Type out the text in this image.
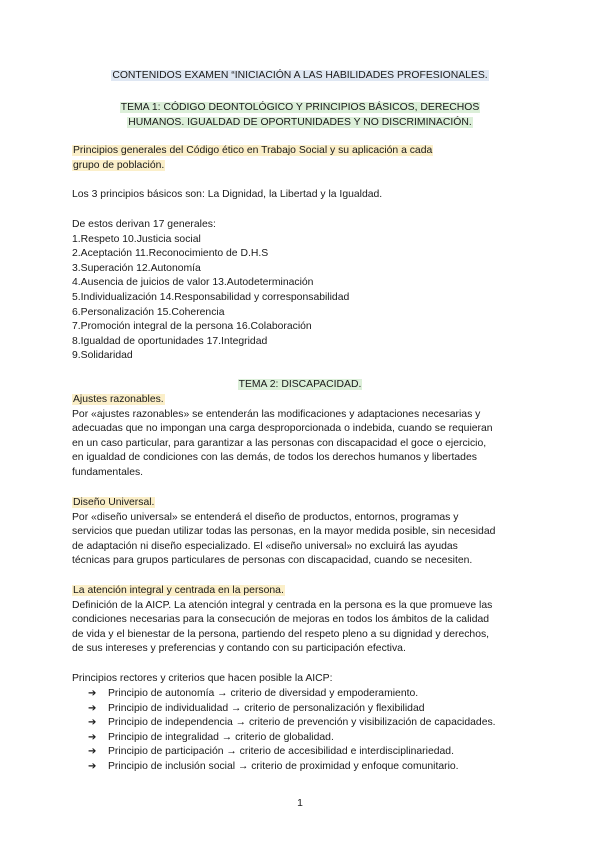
CONTENIDOS EXAMEN “INICIACIÓN A LAS HABILIDADES PROFESIONALES.
TEMA 1: CÓDIGO DEONTOLÓGICO Y PRINCIPIOS BÁSICOS, DERECHOS
HUMANOS. IGUALDAD DE OPORTUNIDADES Y NO DISCRIMINACIÓN.
Principios generales del Código ético en Trabajo Social y su aplicación a cada
grupo de población.

Los 3 principios básicos son: La Dignidad, la Libertad y la Igualdad.

De estos derivan 17 generales:

1.Respeto 10.Justicia social

2.Aceptación 11.Reconocimiento de D.H.S

3.Superación 12.Autonomía

4.Ausencia de juicios de valor 13.Autodeterminación

5.Individualización 14.Responsabilidad y corresponsabilidad

6.Personalización 15.Coherencia

7.Promoción integral de la persona 16.Colaboración

8.Igualdad de oportunidades 17.Integridad

9.Solidaridad

TEMA 2: DISCAPACIDAD.

Ajustes razonables.

Por «ajustes razonables» se entenderán las modificaciones y adaptaciones necesarias y

adecuadas que no impongan una carga desproporcionada o indebida, cuando se requieran

en un caso particular, para garantizar a las personas con discapacidad el goce o ejercicio,

en igualdad de condiciones con las demás, de todos los derechos humanos y libertades

fundamentales.

Diseño Universal.

Por «diseño universal» se entenderá el diseño de productos, entornos, programas y

servicios que puedan utilizar todas las personas, en la mayor medida posible, sin necesidad

de adaptación ni diseño especializado. El «diseño universal» no excluirá las ayudas

técnicas para grupos particulares de personas con discapacidad, cuando se necesiten.

La atención integral y centrada en la persona.

Definición de la AICP. La atención integral y centrada en la persona es la que promueve las

condiciones necesarias para la consecución de mejoras en todos los ámbitos de la calidad

de vida y el bienestar de la persona, partiendo del respeto pleno a su dignidad y derechos,

de sus intereses y preferencias y contando con su participación efectiva.

Principios rectores y criterios que hacen posible la AICP:

➔ Principio de autonomía → criterio de diversidad y empoderamiento.

➔ Principio de individualidad → criterio de personalización y flexibilidad

➔ Principio de independencia → criterio de prevención y visibilización de capacidades.

➔ Principio de integralidad → criterio de globalidad.

➔ Principio de participación → criterio de accesibilidad e interdisciplinariedad.

➔ Principio de inclusión social → criterio de proximidad y enfoque comunitario.

1
